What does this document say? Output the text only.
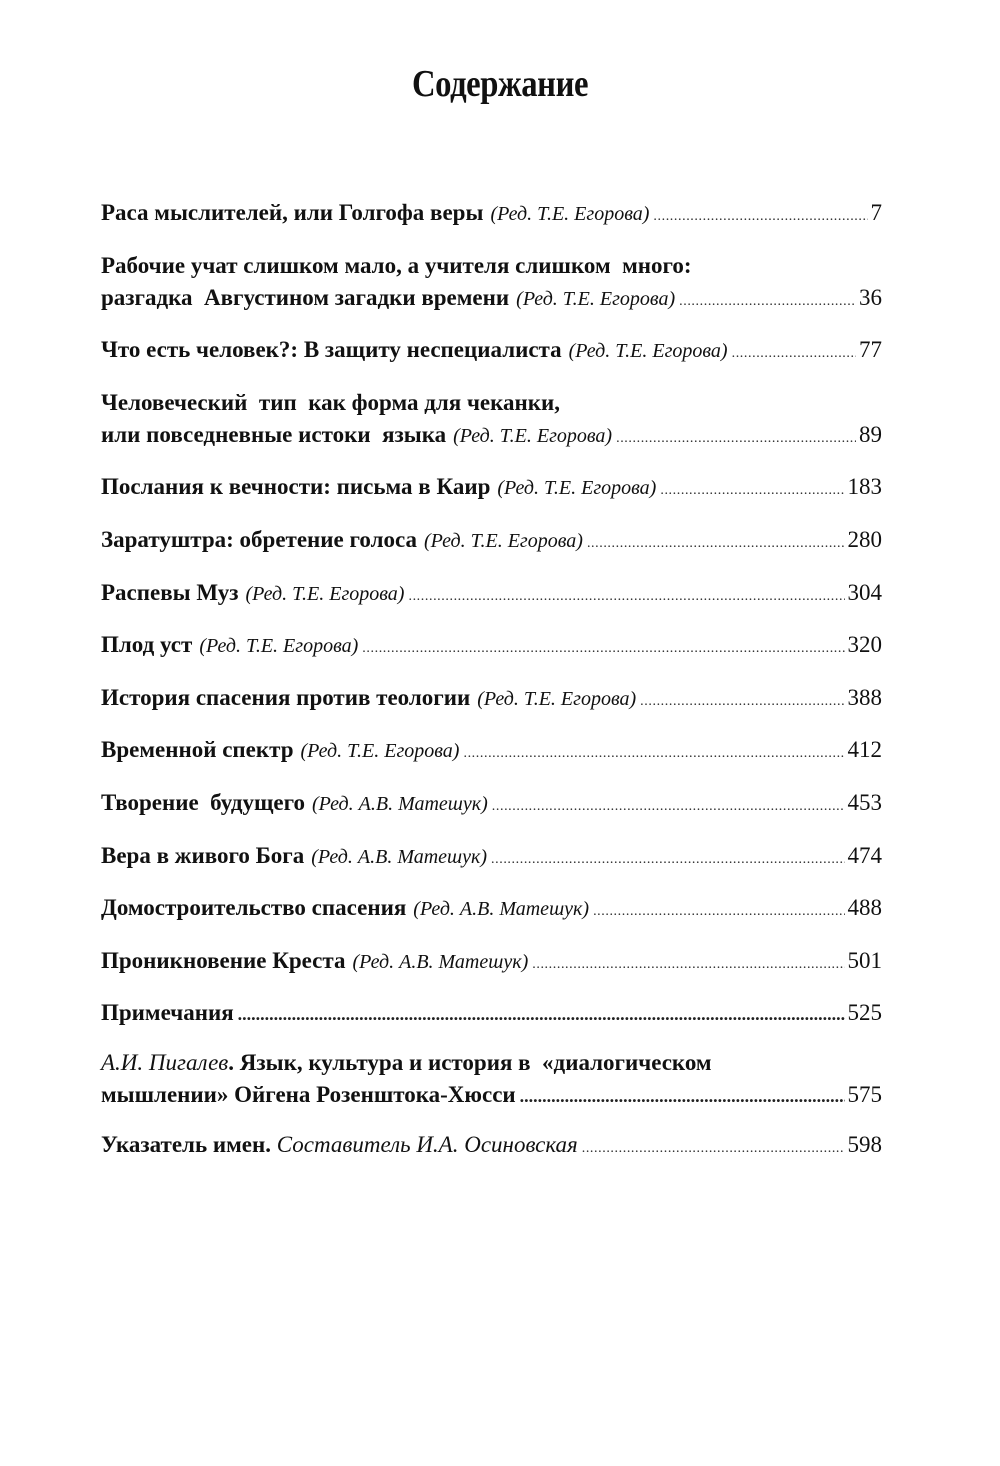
Содержание
Раса мыслителей, или Голгофа веры (Ред. Т.Е. Егорова) .....	7
Рабочие учат слишком мало, а учителя слишком  много:
разгадка  Августином загадки времени (Ред. Т.Е. Егорова) .....	36
Что есть человек?: В защиту неспециалиста (Ред. Т.Е. Егорова) .....	77
Человеческий  тип  как форма для чеканки,
или повседневные истоки  языка (Ред. Т.Е. Егорова) .....	89
Послания к вечности: письма в Каир (Ред. Т.Е. Егорова) .....	183
Заратуштра: обретение голоса (Ред. Т.Е. Егорова) .....	280
Распевы Муз (Ред. Т.Е. Егорова) .....	304
Плод уст (Ред. Т.Е. Егорова) .....	320
История спасения против теологии (Ред. Т.Е. Егорова) .....	388
Временной спектр (Ред. Т.Е. Егорова) .....	412
Творение  будущего (Ред. А.В. Матешук) .....	453
Вера в живого Бога (Ред. А.В. Матешук) .....	474
Домостроительство спасения (Ред. А.В. Матешук) .....	488
Проникновение Креста (Ред. А.В. Матешук) .....	501
Примечания .....	525
А.И. Пигалев . Язык, культура и история в  «диалогическом
мышлении» Ойгена Розенштока-Хюсси .....	575
Указатель имен . Составитель И.А. Осиновская .....	598
